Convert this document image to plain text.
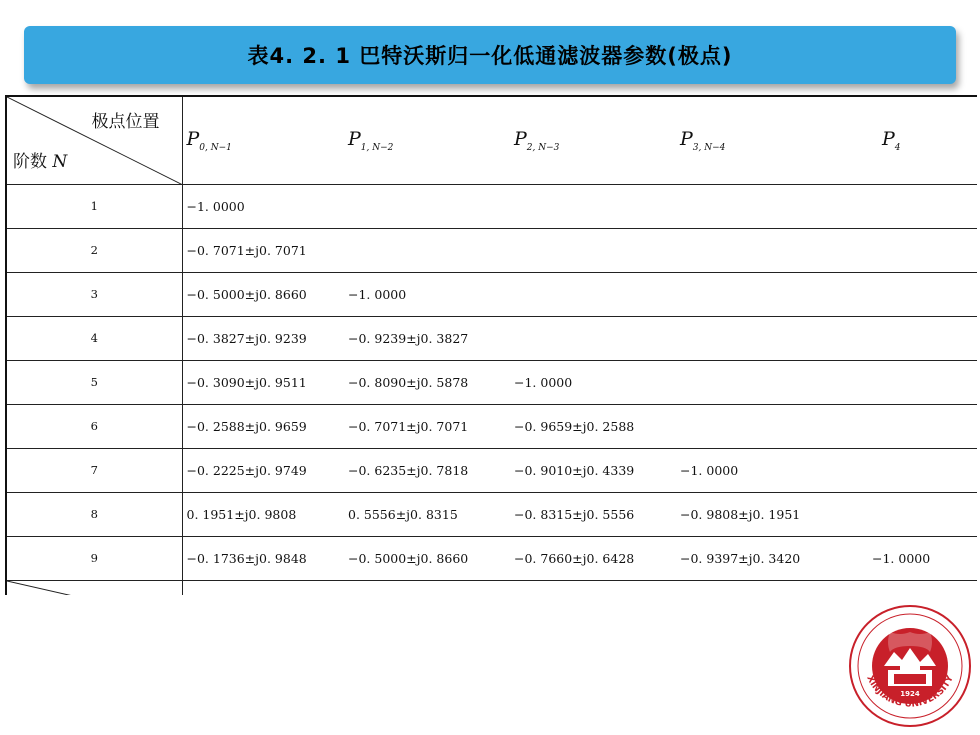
表4. 2. 1 巴特沃斯归一化低通滤波器参数(极点)
极点位置
阶数 N	$P_{0, N-1}$	$P_{1, N-2}$	$P_{2, N-3}$	$P_{3, N-4}$	$P_4$
1	−1. 0000				
2	−0. 7071±j0. 7071				
3	−0. 5000±j0. 8660	−1. 0000			
4	−0. 3827±j0. 9239	−0. 9239±j0. 3827			
5	−0. 3090±j0. 9511	−0. 8090±j0. 5878	−1. 0000		
6	−0. 2588±j0. 9659	−0. 7071±j0. 7071	−0. 9659±j0. 2588		
7	−0. 2225±j0. 9749	−0. 6235±j0. 7818	−0. 9010±j0. 4339	−1. 0000	
8	0. 1951±j0. 9808	0. 5556±j0. 8315	−0. 8315±j0. 5556	−0. 9808±j0. 1951	
9	−0. 1736±j0. 9848	−0. 5000±j0. 8660	−0. 7660±j0. 6428	−0. 9397±j0. 3420	−1. 0000

1924
XINJIANG UNIVERSITY
